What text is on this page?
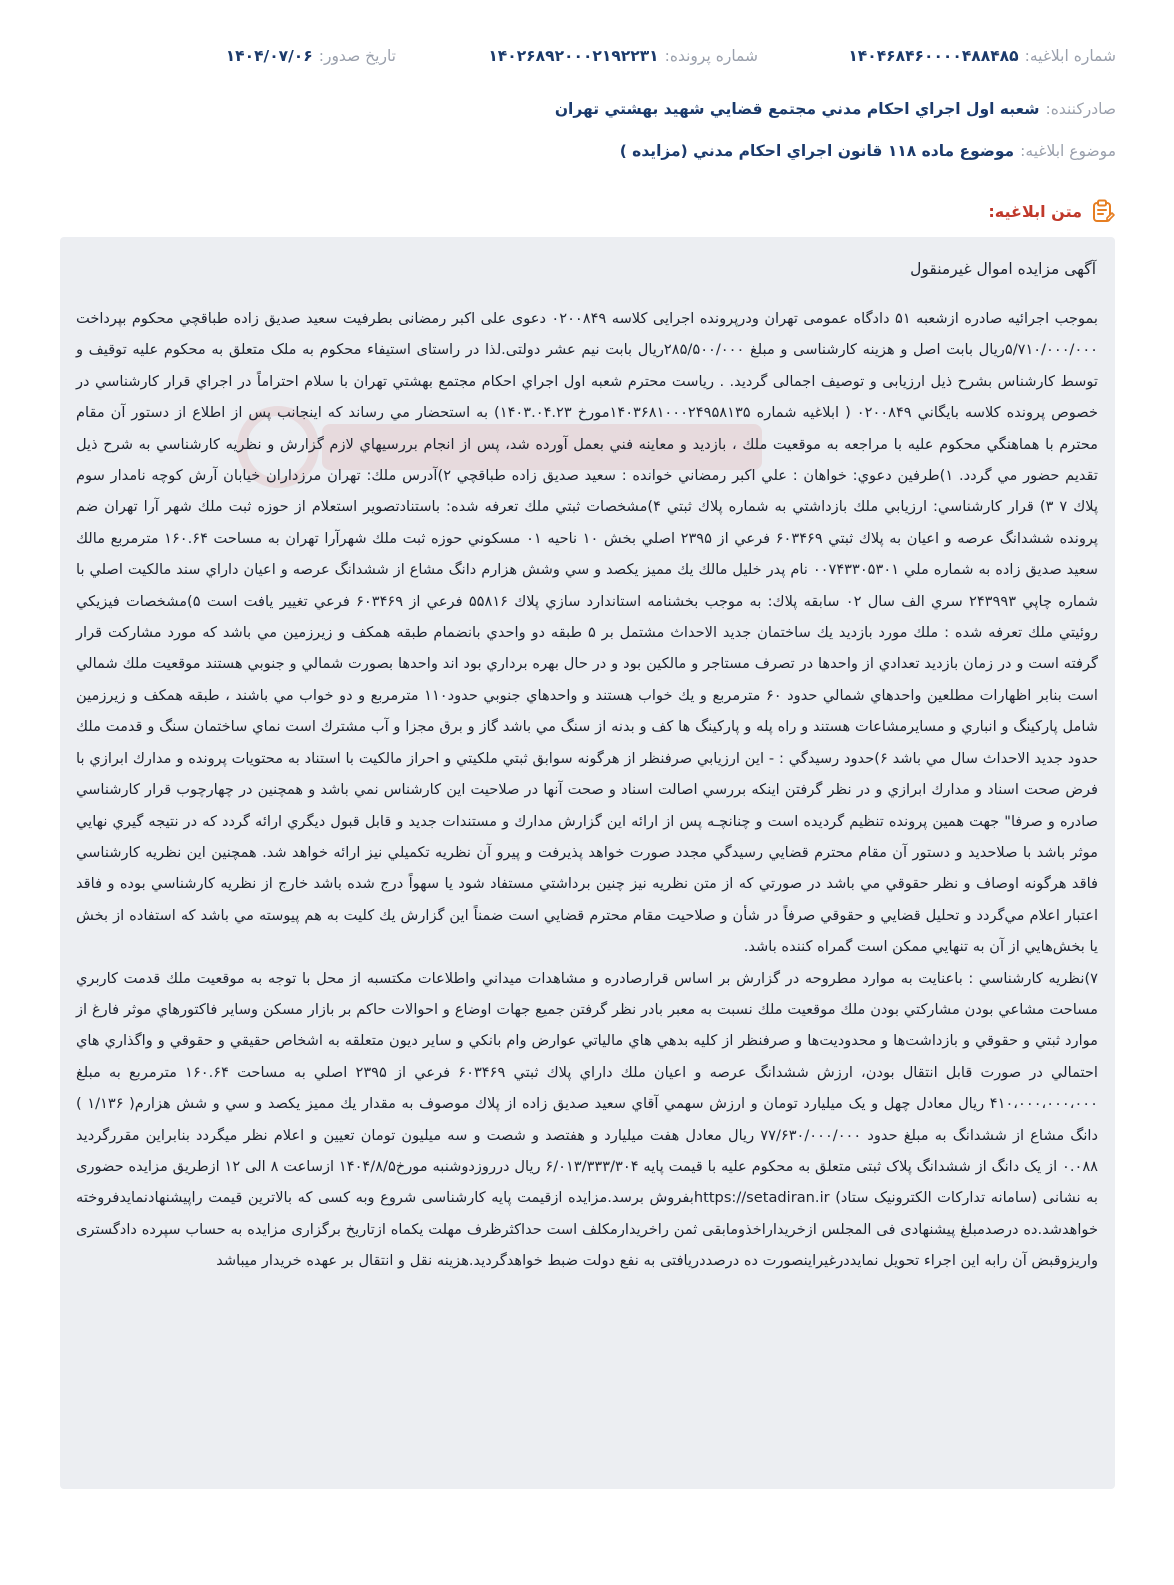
شماره ابلاغيه:
۱۴۰۴۶۸۴۶۰۰۰۰۴۸۸۴۸۵
شماره پرونده:
۱۴۰۲۶۸۹۲۰۰۰۲۱۹۲۲۳۱
تاريخ صدور:
۱۴۰۴/۰۷/۰۶
صادرکننده:
شعبه اول اجراي احكام مدني مجتمع قضايي شهيد بهشتي تهران
موضوع ابلاغيه:
موضوع ماده ۱۱۸ قانون اجراي احكام مدني (مزايده )
متن ابلاغیه:
آگهی مزایده اموال غیرمنقول

بموجب اجرائيه صادره ازشعبه ۵۱ دادگاه عمومی تهران ودرپرونده اجرایی کلاسه ۰۲۰۰۸۴۹ دعوی علی اکبر رمضانی بطرفیت سعید صدیق زاده طباقچي محکوم بپرداخت ۵/۷۱۰/۰۰۰/۰۰۰ریال بابت اصل و هزینه کارشناسی و مبلغ ۲۸۵/۵۰۰/۰۰۰ریال بابت نیم عشر دولتی.لذا در راستای استیفاء محکوم به ملک متعلق به محکوم علیه توقیف و توسط کارشناس بشرح ذیل ارزیابی و توصیف اجمالی گردید. . رياست محترم شعبه اول اجراي احكام مجتمع بهشتي تهران با سلام احتراماً در اجراي قرار كارشناسي در خصوص پرونده كلاسه بايگاني ۰۲۰۰۸۴۹ ( ابلاغيه شماره ۱۴۰۳۶۸۱۰۰۰۲۴۹۵۸۱۳۵مورخ ۱۴۰۳.۰۴.۲۳) به استحضار مي رساند كه اينجانب پس از اطلاع از دستور آن مقام محترم با هماهنگي محكوم عليه با مراجعه به موقعيت ملك ، بازديد و معاينه فني بعمل آورده شد، پس از انجام بررسيهاي لازم گزارش و نظريه كارشناسي به شرح ذيل تقديم حضور مي گردد. ۱)طرفين دعوي: خواهان : علي اكبر رمضاني خوانده : سعيد صديق زاده طباقچي ۲)آدرس ملك: تهران مرزداران خيابان آرش كوچه نامدار سوم پلاك ۷ ۳) قرار كارشناسي: ارزيابي ملك بازداشتي به شماره پلاك ثبتي ۴)مشخصات ثبتي ملك تعرفه شده: باستنادتصوير استعلام از حوزه ثبت ملك شهر آرا تهران ضم پرونده ششدانگ عرصه و اعيان به پلاك ثبتي ۶۰۳۴۶۹ فرعي از ۲۳۹۵ اصلي بخش ۱۰ ناحيه ۰۱ مسكوني حوزه ثبت ملك شهرآرا تهران به مساحت ۱۶۰.۶۴ مترمربع مالك سعيد صديق زاده به شماره ملي ۰۰۷۴۳۳۰۵۳۰۱ نام پدر خليل مالك يك مميز يكصد و سي وشش هزارم دانگ مشاع از ششدانگ عرصه و اعيان داراي سند مالكيت اصلي با شماره چاپي ۲۴۳۹۹۳ سري الف سال ۰۲ سابقه پلاك: به موجب بخشنامه استاندارد سازي پلاك ۵۵۸۱۶ فرعي از ۶۰۳۴۶۹ فرعي تغيير يافت است ۵)مشخصات فيزيكي روئيتي ملك تعرفه شده : ملك مورد بازديد يك ساختمان جديد الاحداث مشتمل بر ۵ طبقه دو واحدي بانضمام طبقه همكف و زيرزمين مي باشد كه مورد مشاركت قرار گرفته است و در زمان بازديد تعدادي از واحدها در تصرف مستاجر و مالكين بود و در حال بهره برداري بود اند واحدها بصورت شمالي و جنوبي هستند موقعيت ملك شمالي است بنابر اظهارات مطلعين واحدهاي شمالي حدود ۶۰ مترمربع و يك خواب هستند و واحدهاي جنوبي حدود۱۱۰ مترمربع و دو خواب مي باشند ، طبقه همكف و زيرزمين شامل پاركينگ و انباري و مسايرمشاعات هستند و راه پله و پاركينگ ها كف و بدنه از سنگ مي باشد گاز و برق مجزا و آب مشترك است نماي ساختمان سنگ و قدمت ملك حدود جديد الاحداث سال مي باشد ۶)حدود رسيدگي : - اين ارزيابي صرفنظر از هرگونه سوابق ثبتي ملكيتي و احراز مالكيت با استناد به محتويات پرونده و مدارك ابرازي با فرض صحت اسناد و مدارك ابرازي و در نظر گرفتن اينكه بررسي اصالت اسناد و صحت آنها در صلاحيت اين كارشناس نمي باشد و همچنين در چهارچوب قرار كارشناسي صادره و صرفا" جهت همين پرونده تنظيم گرديده است و چنانچـه پس از ارائه اين گزارش مدارك و مستندات جديد و قابل قبول ديگري ارائه گردد كه در نتيجه گيري نهايي موثر باشد با صلاحديد و دستور آن مقام محترم قضايي رسيدگي مجدد صورت خواهد پذيرفت و پيرو آن نظريه تكميلي نيز ارائه خواهد شد. همچنين اين نظريه كارشناسي فاقد هرگونه اوصاف و نظر حقوقي مي باشد در صورتي كه از متن نظريه نيز چنين برداشتي مستفاد شود يا سهواً درج شده باشد خارج از نظريه كارشناسي بوده و فاقد اعتبار اعلام مي‌گردد و تحليل قضايي و حقوقي صرفاً در شأن و صلاحيت مقام محترم قضايي است ضمناً اين گزارش يك كليت به هم پيوسته مي باشد كه استفاده از بخش يا بخش‌هايي از آن به تنهايي ممكن است گمراه كننده باشد.

۷)نظريه كارشناسي : باعنايت به موارد مطروحه در گزارش بر اساس قرارصادره و مشاهدات ميداني واطلاعات مكتسبه از محل با توجه به موقعيت ملك قدمت كاربري مساحت مشاعي بودن مشاركتي بودن ملك موقعيت ملك نسبت به معبر بادر نظر گرفتن جميع جهات اوضاع و احوالات حاكم بر بازار مسكن وساير فاكتورهاي موثر فارغ از موارد ثبتي و حقوقي و بازداشت‌ها و محدوديت‌ها و صرفنظر از كليه بدهي هاي مالياتي عوارض وام بانكي و ساير ديون متعلقه به اشخاص حقيقي و حقوقي و واگذاري هاي احتمالي در صورت قابل انتقال بودن، ارزش ششدانگ عرصه و اعيان ملك داراي پلاك ثبتي ۶۰۳۴۶۹ فرعي از ۲۳۹۵ اصلي به مساحت ۱۶۰.۶۴ مترمربع به مبلغ ۴۱۰،۰۰۰،۰۰۰،۰۰۰ ريال معادل چهل و یک میلیارد تومان و ارزش سهمي آقاي سعيد صديق زاده از پلاك موصوف به مقدار يك مميز يكصد و سي و شش هزارم( ۱/۱۳۶ ) دانگ مشاع از ششدانگ به مبلغ حدود ۷۷/۶۳۰/۰۰۰/۰۰۰ ريال معادل هفت میلیارد و هفتصد و شصت و سه میلیون تومان تعيين و اعلام نظر ميگردد بنابراين مقررگرديد ۰.۰۸۸ از یک دانگ از ششدانگ پلاک ثبتی متعلق به محکوم علیه با قیمت پایه ۶/۰۱۳/۳۳۳/۳۰۴ ریال درروزدوشنبه مورخ۱۴۰۴/۸/۵ ازساعت ۸ الی ۱۲ ازطريق مزايده حضوری به نشانی (سامانه تدارکات الکترونیک ستاد) https://setadiran.irبفروش برسد.مزايده ازقيمت پايه كارشناسی شروع وبه كسی كه بالاترين قيمت راپيشنهادنمايدفروخته خواهدشد.ده درصدمبلغ پيشنهادی فی المجلس ازخريداراخذومابقی ثمن راخريدارمكلف است حداكثرظرف مهلت يكماه ازتاريخ برگزاری مزايده به حساب سپرده دادگستری واريزوقبض آن رابه اين اجراء تحويل نمايددرغيراينصورت ده درصددريافتی به نفع دولت ضبط خواهدگرديد.هزينه نقل و انتقال بر عهده خريدار ميباشد
